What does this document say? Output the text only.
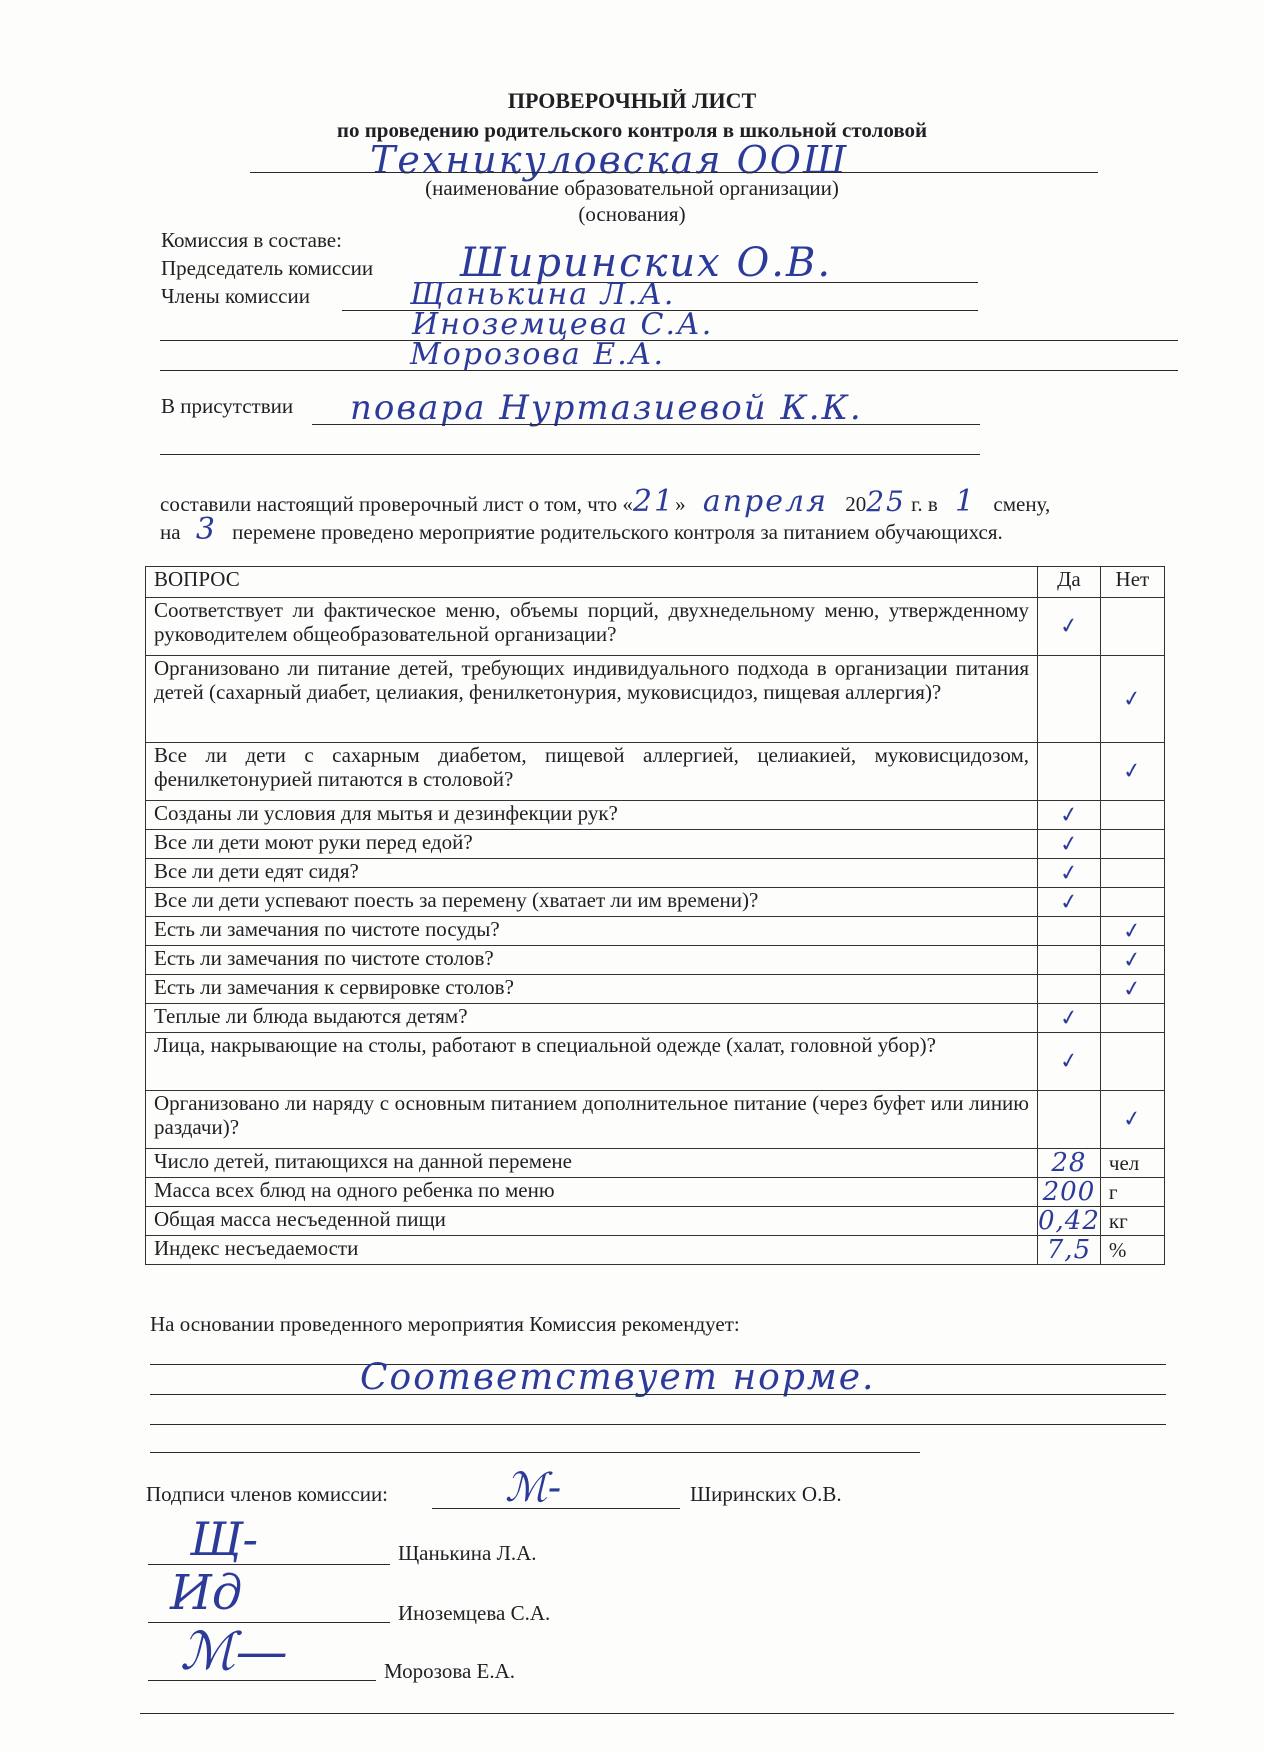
ПРОВЕРОЧНЫЙ ЛИСТ
по проведению родительского контроля в школьной столовой
Техникуловская ООШ
(наименование образовательной организации)
(основания)
Комиссия в составе:
Председатель комиссии Ширинских О.В.
Члены комиссии	Щанькина Л.А.
Иноземцева С.А.
Морозова Е.А.
В присутствии повара Нуртазиевой К.К.
составили настоящий проверочный лист о том, что «21» апреля 2025 г. в 1 смену,
на 3 перемене проведено мероприятие родительского контроля за питанием обучающихся.
ВОПРОС	Да	Нет
Соответствует ли фактическое меню, объемы порций, двухнедельному меню, утвержденному руководителем общеобразовательной организации?	✓	
Организовано ли питание детей, требующих индивидуального подхода в организации питания детей (сахарный диабет, целиакия, фенилкетонурия, муковисцидоз, пищевая аллергия)?		✓
Все ли дети с сахарным диабетом, пищевой аллергией, целиакией, муковисцидозом, фенилкетонурией питаются в столовой?		✓
Созданы ли условия для мытья и дезинфекции рук?	✓	
Все ли дети моют руки перед едой?	✓	
Все ли дети едят сидя?	✓	
Все ли дети успевают поесть за перемену (хватает ли им времени)?	✓	
Есть ли замечания по чистоте посуды?		✓
Есть ли замечания по чистоте столов?		✓
Есть ли замечания к сервировке столов?		✓
Теплые ли блюда выдаются детям?	✓	
Лица, накрывающие на столы, работают в специальной одежде (халат, головной убор)?	✓	
Организовано ли наряду с основным питанием дополнительное питание (через буфет или линию раздачи)?		✓
Число детей, питающихся на данной перемене	28	чел
Масса всех блюд на одного ребенка по меню	200	г
Общая масса несъеденной пищи	0,42	кг
Индекс несъедаемости	7,5	%
На основании проведенного мероприятия Комиссия рекомендует:
Соответствует норме.
Подписи членов комиссии:	ℳ‑	Ширинских О.В.
Щ‑	Щанькина Л.А.
Ид	Иноземцева С.А.
ℳ—	Морозова Е.А.
